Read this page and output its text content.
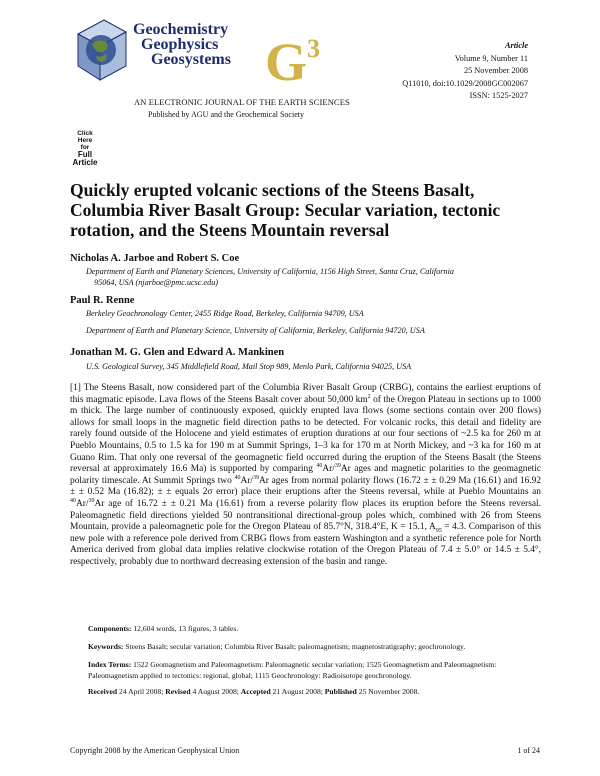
Geochemistry
Geophysics
Geosystems $G^3$
AN ELECTRONIC JOURNAL OF THE EARTH SCIENCES
Published by AGU and the Geochemical Society
Article
Volume 9, Number 11
25 November 2008
Q11010, doi:10.1029/2008GC002067
ISSN: 1525-2027
Click
Here
for
Full
Article
Quickly erupted volcanic sections of the Steens Basalt, Columbia River Basalt Group: Secular variation, tectonic rotation, and the Steens Mountain reversal
Nicholas A. Jarboe and Robert S. Coe
Department of Earth and Planetary Sciences, University of California, 1156 High Street, Santa Cruz, California
95064, USA (njarboe@pmc.ucsc.edu)
Paul R. Renne
Berkeley Geochronology Center, 2455 Ridge Road, Berkeley, California 94709, USA
Department of Earth and Planetary Science, University of California, Berkeley, California 94720, USA
Jonathan M. G. Glen and Edward A. Mankinen
U.S. Geological Survey, 345 Middlefield Road, Mail Stop 989, Menlo Park, California 94025, USA
[1] The Steens Basalt, now considered part of the Columbia River Basalt Group (CRBG), contains the earliest eruptions of this magmatic episode. Lava flows of the Steens Basalt cover about 50,000 $km^2$ of the Oregon Plateau in sections up to 1000 m thick. The large number of continuously exposed, quickly erupted lava flows (some sections contain over 200 flows) allows for small loops in the magnetic field direction paths to be detected. For volcanic rocks, this detail and fidelity are rarely found outside of the Holocene and yield estimates of eruption durations at our four sections of ~2.5 ka for 260 m at Pueblo Mountains, 0.5 to 1.5 ka for 190 m at Summit Springs, 1–3 ka for 170 m at North Mickey, and ~3 ka for 160 m at Guano Rim. That only one reversal of the geomagnetic field occurred during the eruption of the Steens Basalt (the Steens reversal at approximately 16.6 Ma) is supported by comparing $^{40}$Ar/$^{39}$Ar ages and magnetic polarities to the geomagnetic polarity timescale. At Summit Springs two $^{40}$Ar/$^{39}$Ar ages from normal polarity flows (16.72 ± ± 0.29 Ma (16.61) and 16.92 ± ± 0.52 Ma (16.82); ± ± equals 2σ error) place their eruptions after the Steens reversal, while at Pueblo Mountains an $^{40}$Ar/$^{39}$Ar age of 16.72 ± ± 0.21 Ma (16.61) from a reverse polarity flow places its eruption before the Steens reversal. Paleomagnetic field directions yielded 50 nontransitional directional-group poles which, combined with 26 from Steens Mountain, provide a paleomagnetic pole for the Oregon Plateau of 85.7°N, 318.4°E, K = 15.1, $A_{95} = 4.3$. Comparison of this new pole with a reference pole derived from CRBG flows from eastern Washington and a synthetic reference pole for North America derived from global data implies relative clockwise rotation of the Oregon Plateau of 7.4 ± 5.0° or 14.5 ± 5.4°, respectively, probably due to northward decreasing extension of the basin and range.
Components: 12,604 words, 13 figures, 3 tables.
Keywords: Steens Basalt; secular variation; Columbia River Basalt; paleomagnetism; magnetostratigraphy; geochronology.
Index Terms: 1522 Geomagnetism and Paleomagnetism: Paleomagnetic secular variation; 1525 Geomagnetism and Paleomagnetism: Paleomagnetism applied to tectonics: regional, global; 1115 Geochronology: Radioisotope geochronology.
Received 24 April 2008; Revised 4 August 2008; Accepted 21 August 2008; Published 25 November 2008.
Copyright 2008 by the American Geophysical Union	1 of 24
